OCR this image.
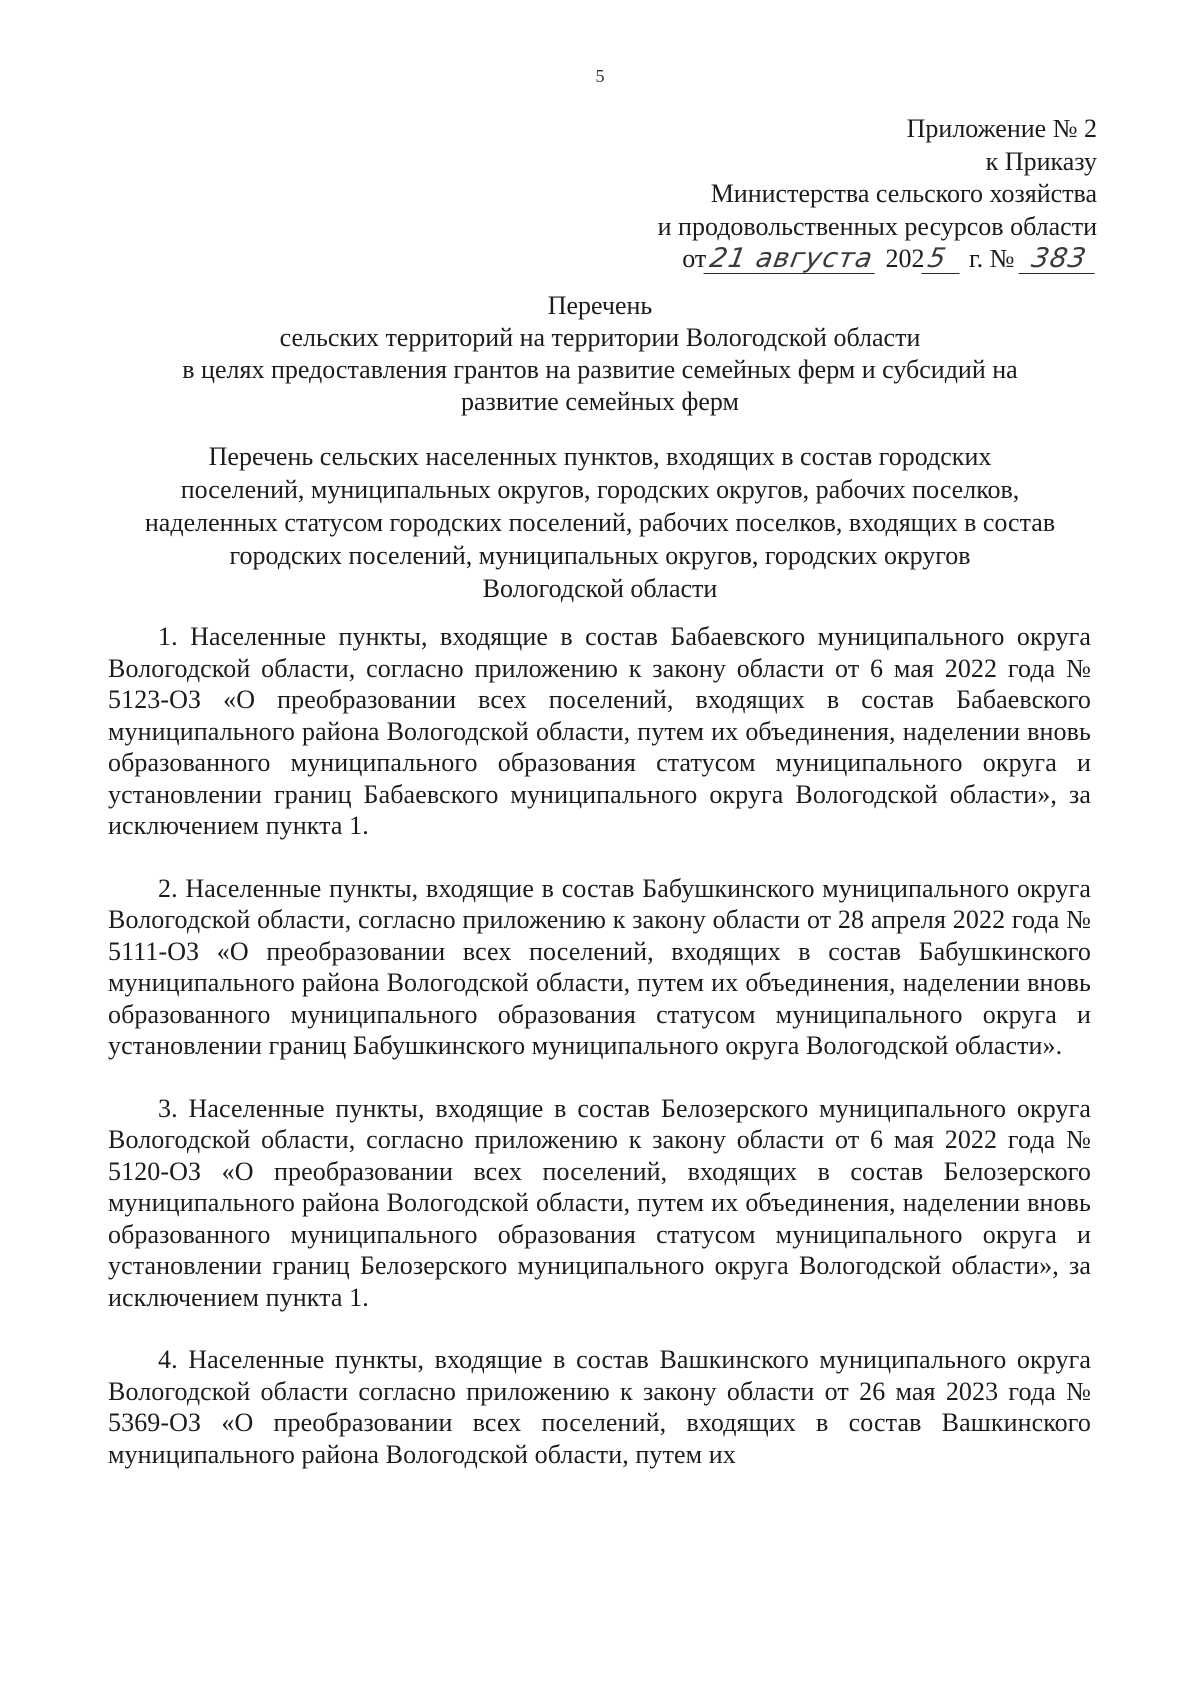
5
Приложение № 2
к Приказу
Министерства сельского хозяйства
и продовольственных ресурсов области
от21 августа 2025 г. № 383
Перечень
сельских территорий на территории Вологодской области
в целях предоставления грантов на развитие семейных ферм и субсидий на
развитие семейных ферм
Перечень сельских населенных пунктов, входящих в состав городских
поселений, муниципальных округов, городских округов, рабочих поселков,
наделенных статусом городских поселений, рабочих поселков, входящих в состав
городских поселений, муниципальных округов, городских округов
Вологодской области

1. Населенные пункты, входящие в состав Бабаевского муниципального округа Вологодской области, согласно приложению к закону области от 6 мая 2022 года № 5123-ОЗ «О преобразовании всех поселений, входящих в состав Бабаевского муниципального района Вологодской области, путем их объединения, наделении вновь образованного муниципального образования статусом муниципального округа и установлении границ Бабаевского муниципального округа Вологодской области», за исключением пункта 1.

2. Населенные пункты, входящие в состав Бабушкинского муниципального округа Вологодской области, согласно приложению к закону области от 28 апреля 2022 года № 5111-ОЗ «О преобразовании всех поселений, входящих в состав Бабушкинского муниципального района Вологодской области, путем их объединения, наделении вновь образованного муниципального образования статусом муниципального округа и установлении границ Бабушкинского муниципального округа Вологодской области».

3. Населенные пункты, входящие в состав Белозерского муниципального округа Вологодской области, согласно приложению к закону области от 6 мая 2022 года № 5120-ОЗ «О преобразовании всех поселений, входящих в состав Белозерского муниципального района Вологодской области, путем их объединения, наделении вновь образованного муниципального образования статусом муниципального округа и установлении границ Белозерского муниципального округа Вологодской области», за исключением пункта 1.

4. Населенные пункты, входящие в состав Вашкинского муниципального округа Вологодской области согласно приложению к закону области от 26 мая 2023 года № 5369-ОЗ «О преобразовании всех поселений, входящих в состав Вашкинского муниципального района Вологодской области, путем их
